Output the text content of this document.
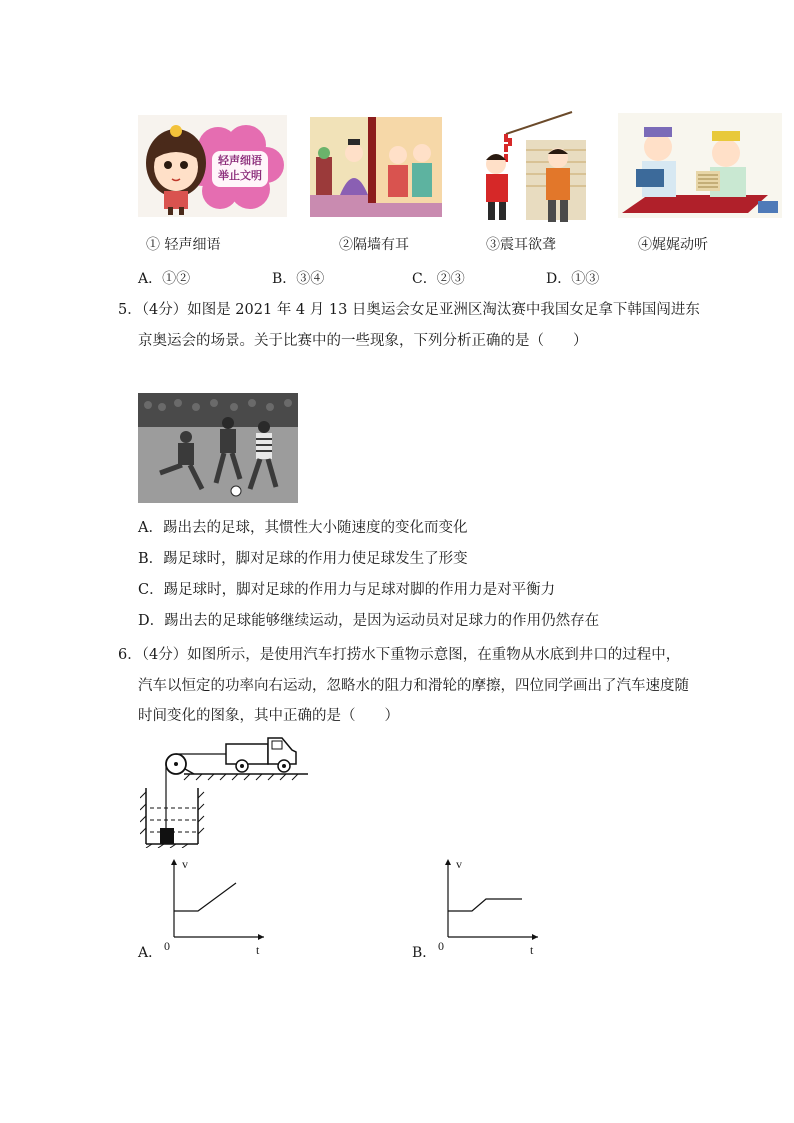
轻声细语
举止文明
① 轻声细语	②隔墙有耳	③震耳欲聋	④娓娓动听
A．①②	B．③④	C．②③	D．①③
5．（4分）如图是 2021 年 4 月 13 日奥运会女足亚洲区淘汰赛中我国女足拿下韩国闯进东
京奥运会的场景。关于比赛中的一些现象，下列分析正确的是（　　）
A．踢出去的足球，其惯性大小随速度的变化而变化
B．踢足球时，脚对足球的作用力使足球发生了形变
C．踢足球时，脚对足球的作用力与足球对脚的作用力是对平衡力
D．踢出去的足球能够继续运动，是因为运动员对足球力的作用仍然存在
6．（4分）如图所示，是使用汽车打捞水下重物示意图，在重物从水底到井口的过程中，
汽车以恒定的功率向右运动，忽略水的阻力和滑轮的摩擦，四位同学画出了汽车速度随
时间变化的图象，其中正确的是（　　）
A．
v
t
0	B．
v
t
0
